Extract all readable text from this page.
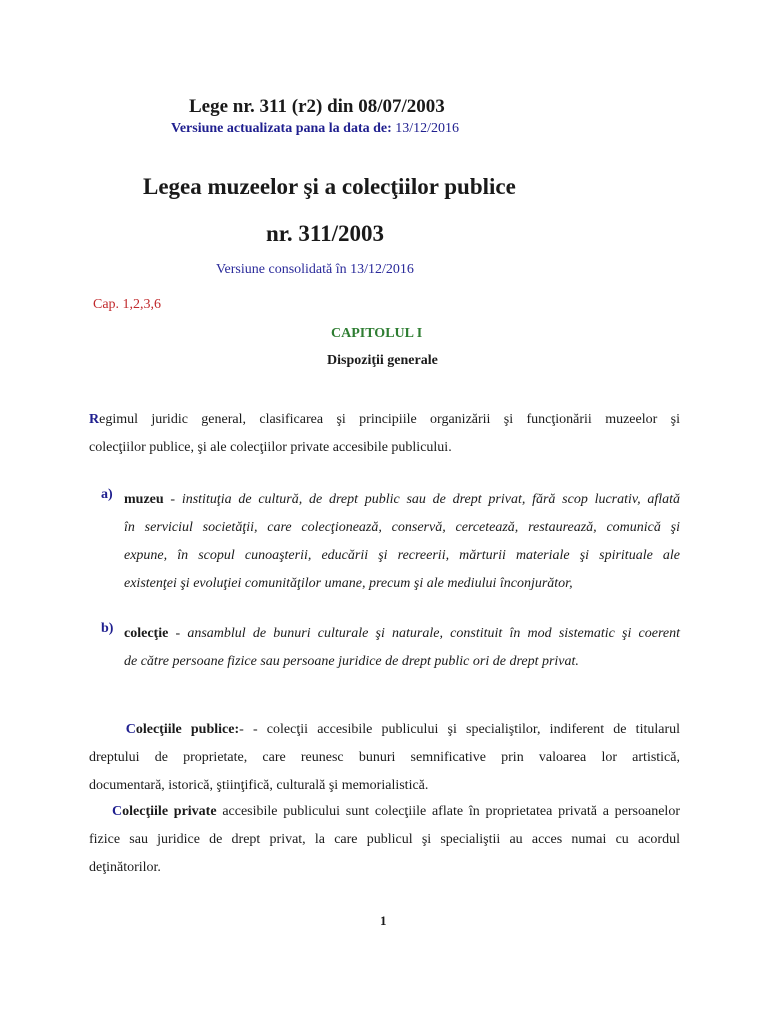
Lege nr. 311 (r2) din 08/07/2003
Versiune actualizata pana la data de: 13/12/2016
Legea muzeelor şi a colecţiilor publice
nr. 311/2003
Versiune consolidată în 13/12/2016
Cap. 1,2,3,6
CAPITOLUL I
Dispoziţii generale
Regimul juridic general, clasificarea şi principiile organizării şi funcţionării muzeelor şi
colecţiilor publice, şi ale colecţiilor private accesibile publicului.
a) muzeu - instituţia de cultură, de drept public sau de drept privat, fără scop lucrativ, aflată
în serviciul societăţii, care colecţionează, conservă, cercetează, restaurează, comunică şi
expune, în scopul cunoaşterii, educării şi recreerii, mărturii materiale şi spirituale ale
existenţei şi evoluţiei comunităţilor umane, precum şi ale mediului înconjurător,
b) colecţie - ansamblul de bunuri culturale şi naturale, constituit în mod sistematic şi coerent
de către persoane fizice sau persoane juridice de drept public ori de drept privat.
Colecţiile publice:- - colecţii accesibile publicului şi specialiştilor, indiferent de titularul
dreptului de proprietate, care reunesc bunuri semnificative prin valoarea lor artistică,
documentară, istorică, ştiinţifică, culturală şi memorialistică.
Colecţiile private accesibile publicului sunt colecţiile aflate în proprietatea privată a persoanelor
fizice sau juridice de drept privat, la care publicul şi specialiştii au acces numai cu acordul
deţinătorilor.
1
